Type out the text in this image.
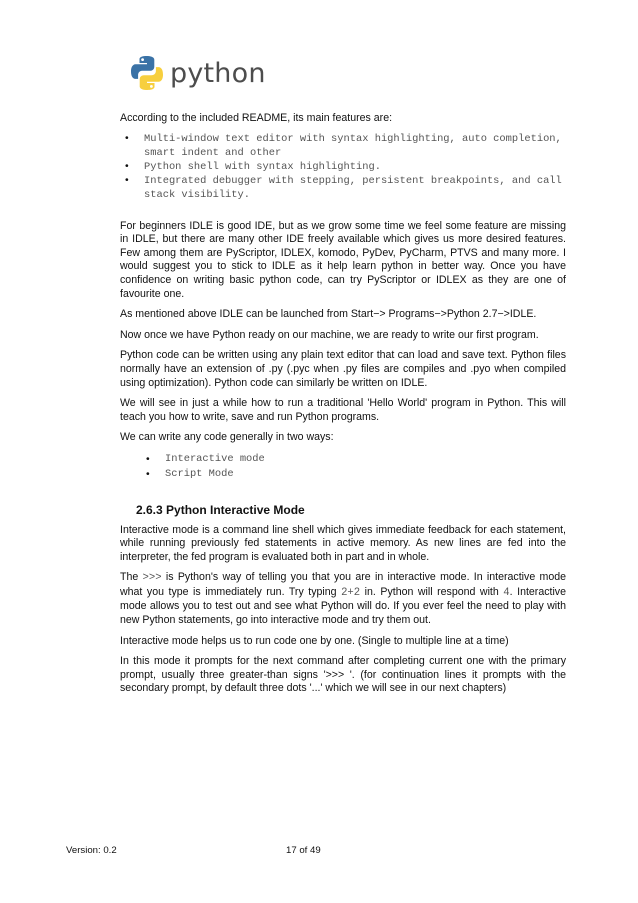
python

According to the included README, its main features are:

• Multi-window text editor with syntax highlighting, auto completion, smart indent and other
• Python shell with syntax highlighting.
• Integrated debugger with stepping, persistent breakpoints, and call stack visibility.

For beginners IDLE is good IDE, but as we grow some time we feel some feature are missing in IDLE, but there are many other IDE freely available which gives us more desired features. Few among them are PyScriptor, IDLEX, komodo, PyDev, PyCharm, PTVS and many more. I would suggest you to stick to IDLE as it help learn python in better way. Once you have confidence on writing basic python code, can try PyScriptor or IDLEX as they are one of favourite one.

As mentioned above IDLE can be launched from Start−> Programs−>Python 2.7−>IDLE.

Now once we have Python ready on our machine, we are ready to write our first program.

Python code can be written using any plain text editor that can load and save text. Python files normally have an extension of .py (.pyc when .py files are compiles and .pyo when compiled using optimization). Python code can similarly be written on IDLE.

We will see in just a while how to run a traditional 'Hello World' program in Python. This will teach you how to write, save and run Python programs.

We can write any code generally in two ways:

• Interactive mode
• Script Mode
2.6.3 Python Interactive Mode

Interactive mode is a command line shell which gives immediate feedback for each statement, while running previously fed statements in active memory. As new lines are fed into the interpreter, the fed program is evaluated both in part and in whole.

The >>> is Python's way of telling you that you are in interactive mode. In interactive mode what you type is immediately run. Try typing 2+2 in. Python will respond with 4. Interactive mode allows you to test out and see what Python will do. If you ever feel the need to play with new Python statements, go into interactive mode and try them out.

Interactive mode helps us to run code one by one. (Single to multiple line at a time)

In this mode it prompts for the next command after completing current one with the primary prompt, usually three greater-than signs '>>> '. (for continuation lines it prompts with the secondary prompt, by default three dots '...' which we will see in our next chapters)

Version: 0.2	17 of 49
